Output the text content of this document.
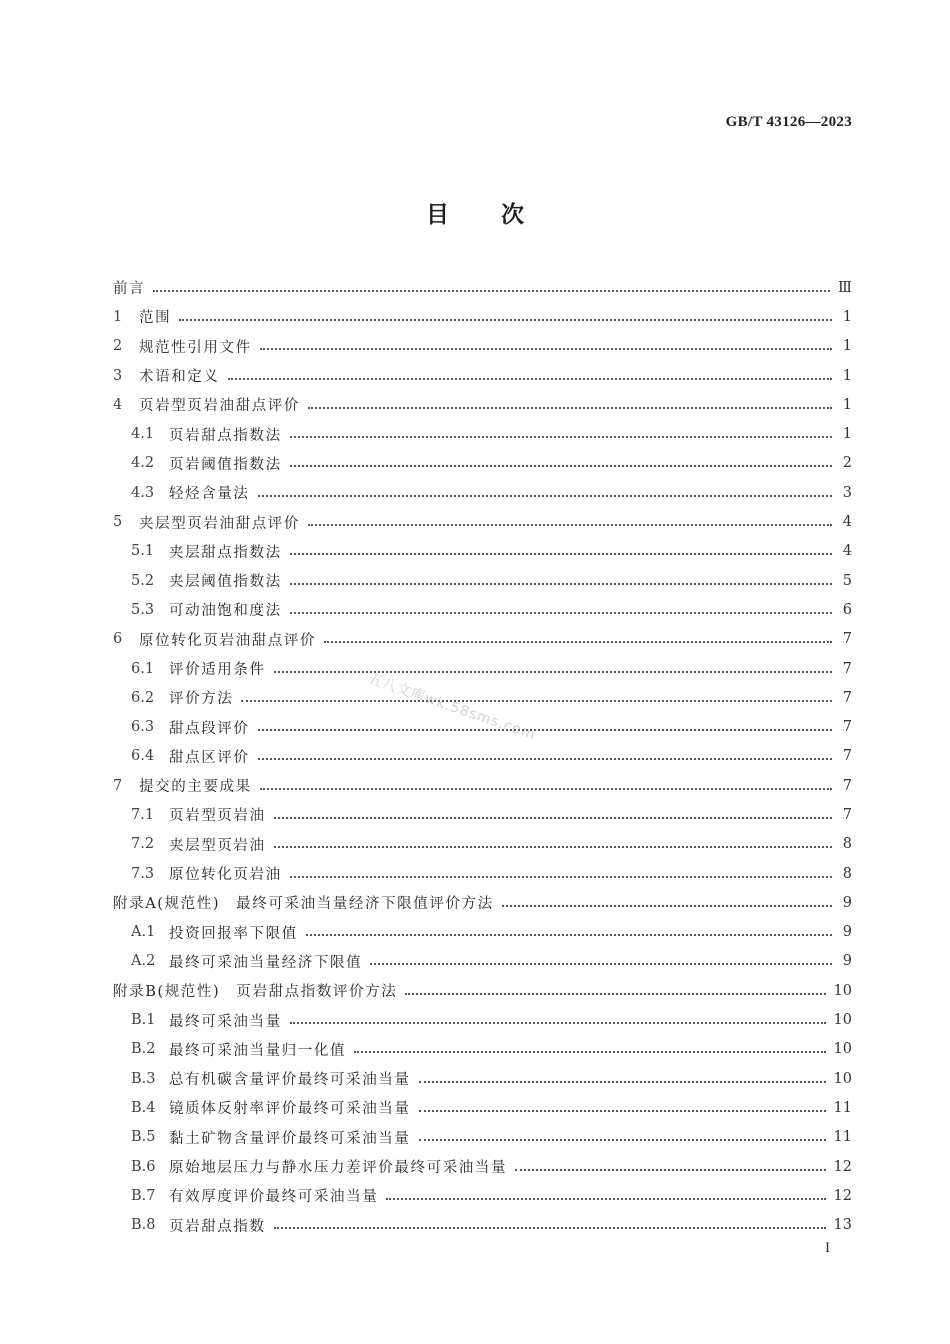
GB/T 43126—2023
目次
前言	Ⅲ
1	范围	1
2	规范性引用文件	1
3	术语和定义	1
4	页岩型页岩油甜点评价	1
4.1	页岩甜点指数法	1
4.2	页岩阈值指数法	2
4.3	轻烃含量法	3
5	夹层型页岩油甜点评价	4
5.1	夹层甜点指数法	4
5.2	夹层阈值指数法	5
5.3	可动油饱和度法	6
6	原位转化页岩油甜点评价	7
6.1	评价适用条件	7
6.2	评价方法	7
6.3	甜点段评价	7
6.4	甜点区评价	7
7	提交的主要成果	7
7.1	页岩型页岩油	7
7.2	夹层型页岩油	8
7.3	原位转化页岩油	8
附录A(规范性)　最终可采油当量经济下限值评价方法	9
A.1 投资回报率下限值	9
A.2 最终可采油当量经济下限值	9
附录B(规范性)　页岩甜点指数评价方法	10
B.1 最终可采油当量	10
B.2 最终可采油当量归一化值	10
B.3 总有机碳含量评价最终可采油当量	10
B.4 镜质体反射率评价最终可采油当量	11
B.5 黏土矿物含量评价最终可采油当量	11
B.6 原始地层压力与静水压力差评价最终可采油当量	12
B.7 有效厚度评价最终可采油当量	12
B.8 页岩甜点指数	13
五八文库wk.58sms.com
I
